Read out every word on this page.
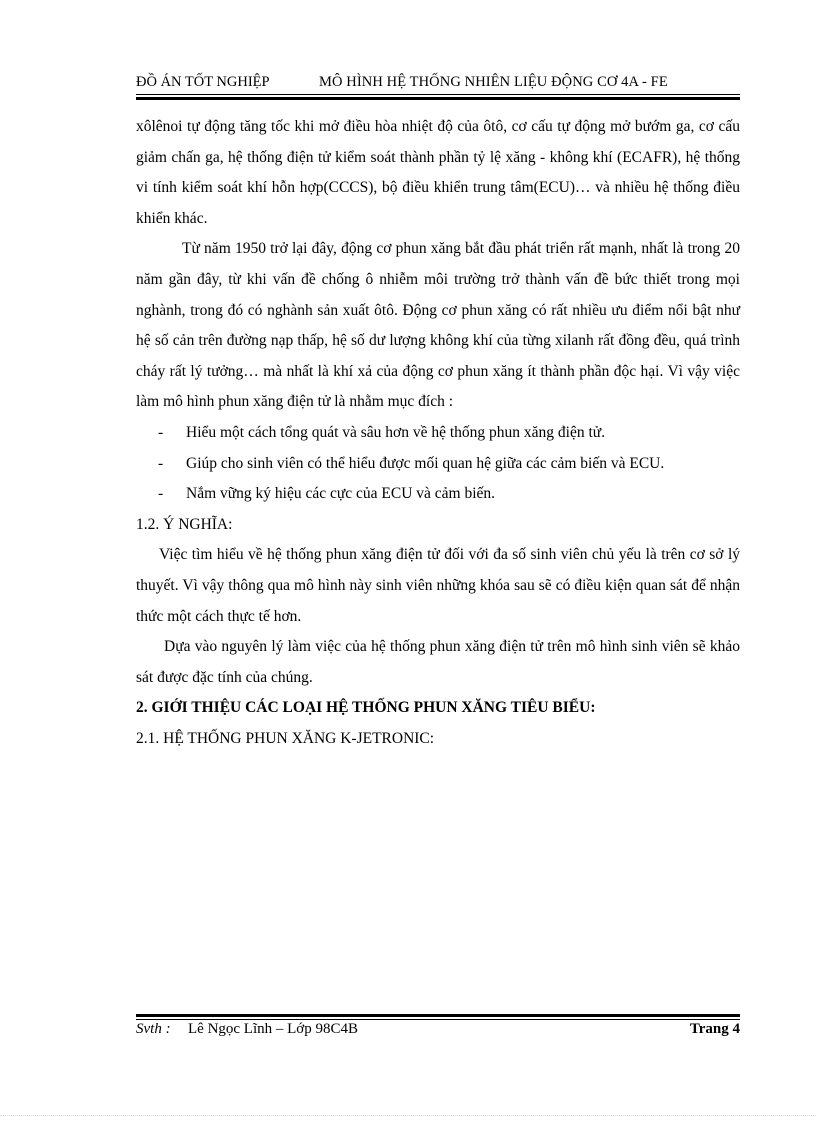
ĐỒ ÁN TỐT NGHIỆP	MÔ HÌNH HỆ THỐNG NHIÊN LIỆU ĐỘNG CƠ 4A - FE

xôlênoi tự động tăng tốc khi mở điều hòa nhiệt độ của ôtô, cơ cấu tự động mở bướm ga, cơ cấu giảm chấn ga, hệ thống điện tử kiểm soát thành phần tỷ lệ xăng - không khí (ECAFR), hệ thống vi tính kiểm soát khí hỗn hợp(CCCS), bộ điều khiển trung tâm(ECU)… và nhiều hệ thống điều khiển khác.

Từ năm 1950 trở lại đây, động cơ phun xăng bắt đầu phát triển rất mạnh, nhất là trong 20 năm gần đây, từ khi vấn đề chống ô nhiễm môi trường trở thành vấn đề bức thiết trong mọi nghành, trong đó có nghành sản xuất ôtô. Động cơ phun xăng có rất nhiều ưu điểm nổi bật như hệ số cản trên đường nạp thấp, hệ số dư lượng không khí của từng xilanh rất đồng đều, quá trình cháy rất lý tưởng… mà nhất là khí xả của động cơ phun xăng ít thành phần độc hại. Vì vậy việc làm mô hình phun xăng điện tử là nhằm mục đích :

-	Hiểu một cách tổng quát và sâu hơn về hệ thống phun xăng điện tử.
-	Giúp cho sinh viên có thể hiểu được mối quan hệ giữa các cảm biến và ECU.
-	Nắm vững ký hiệu các cực của ECU và cảm biến.

1.2. Ý NGHĨA:

Việc tìm hiểu về hệ thống phun xăng điện tử đối với đa số sinh viên chủ yếu là trên cơ sở lý thuyết. Vì vậy thông qua mô hình này sinh viên những khóa sau sẽ có điều kiện quan sát để nhận thức một cách thực tế hơn.

Dựa vào nguyên lý làm việc của hệ thống phun xăng điện tử trên mô hình sinh viên sẽ khảo sát được đặc tính của chúng.

2. GIỚI THIỆU CÁC LOẠI HỆ THỐNG PHUN XĂNG TIÊU BIỂU:

2.1. HỆ THỐNG PHUN XĂNG K-JETRONIC:

Svth : Lê Ngọc Lĩnh – Lớp 98C4B	Trang 4
